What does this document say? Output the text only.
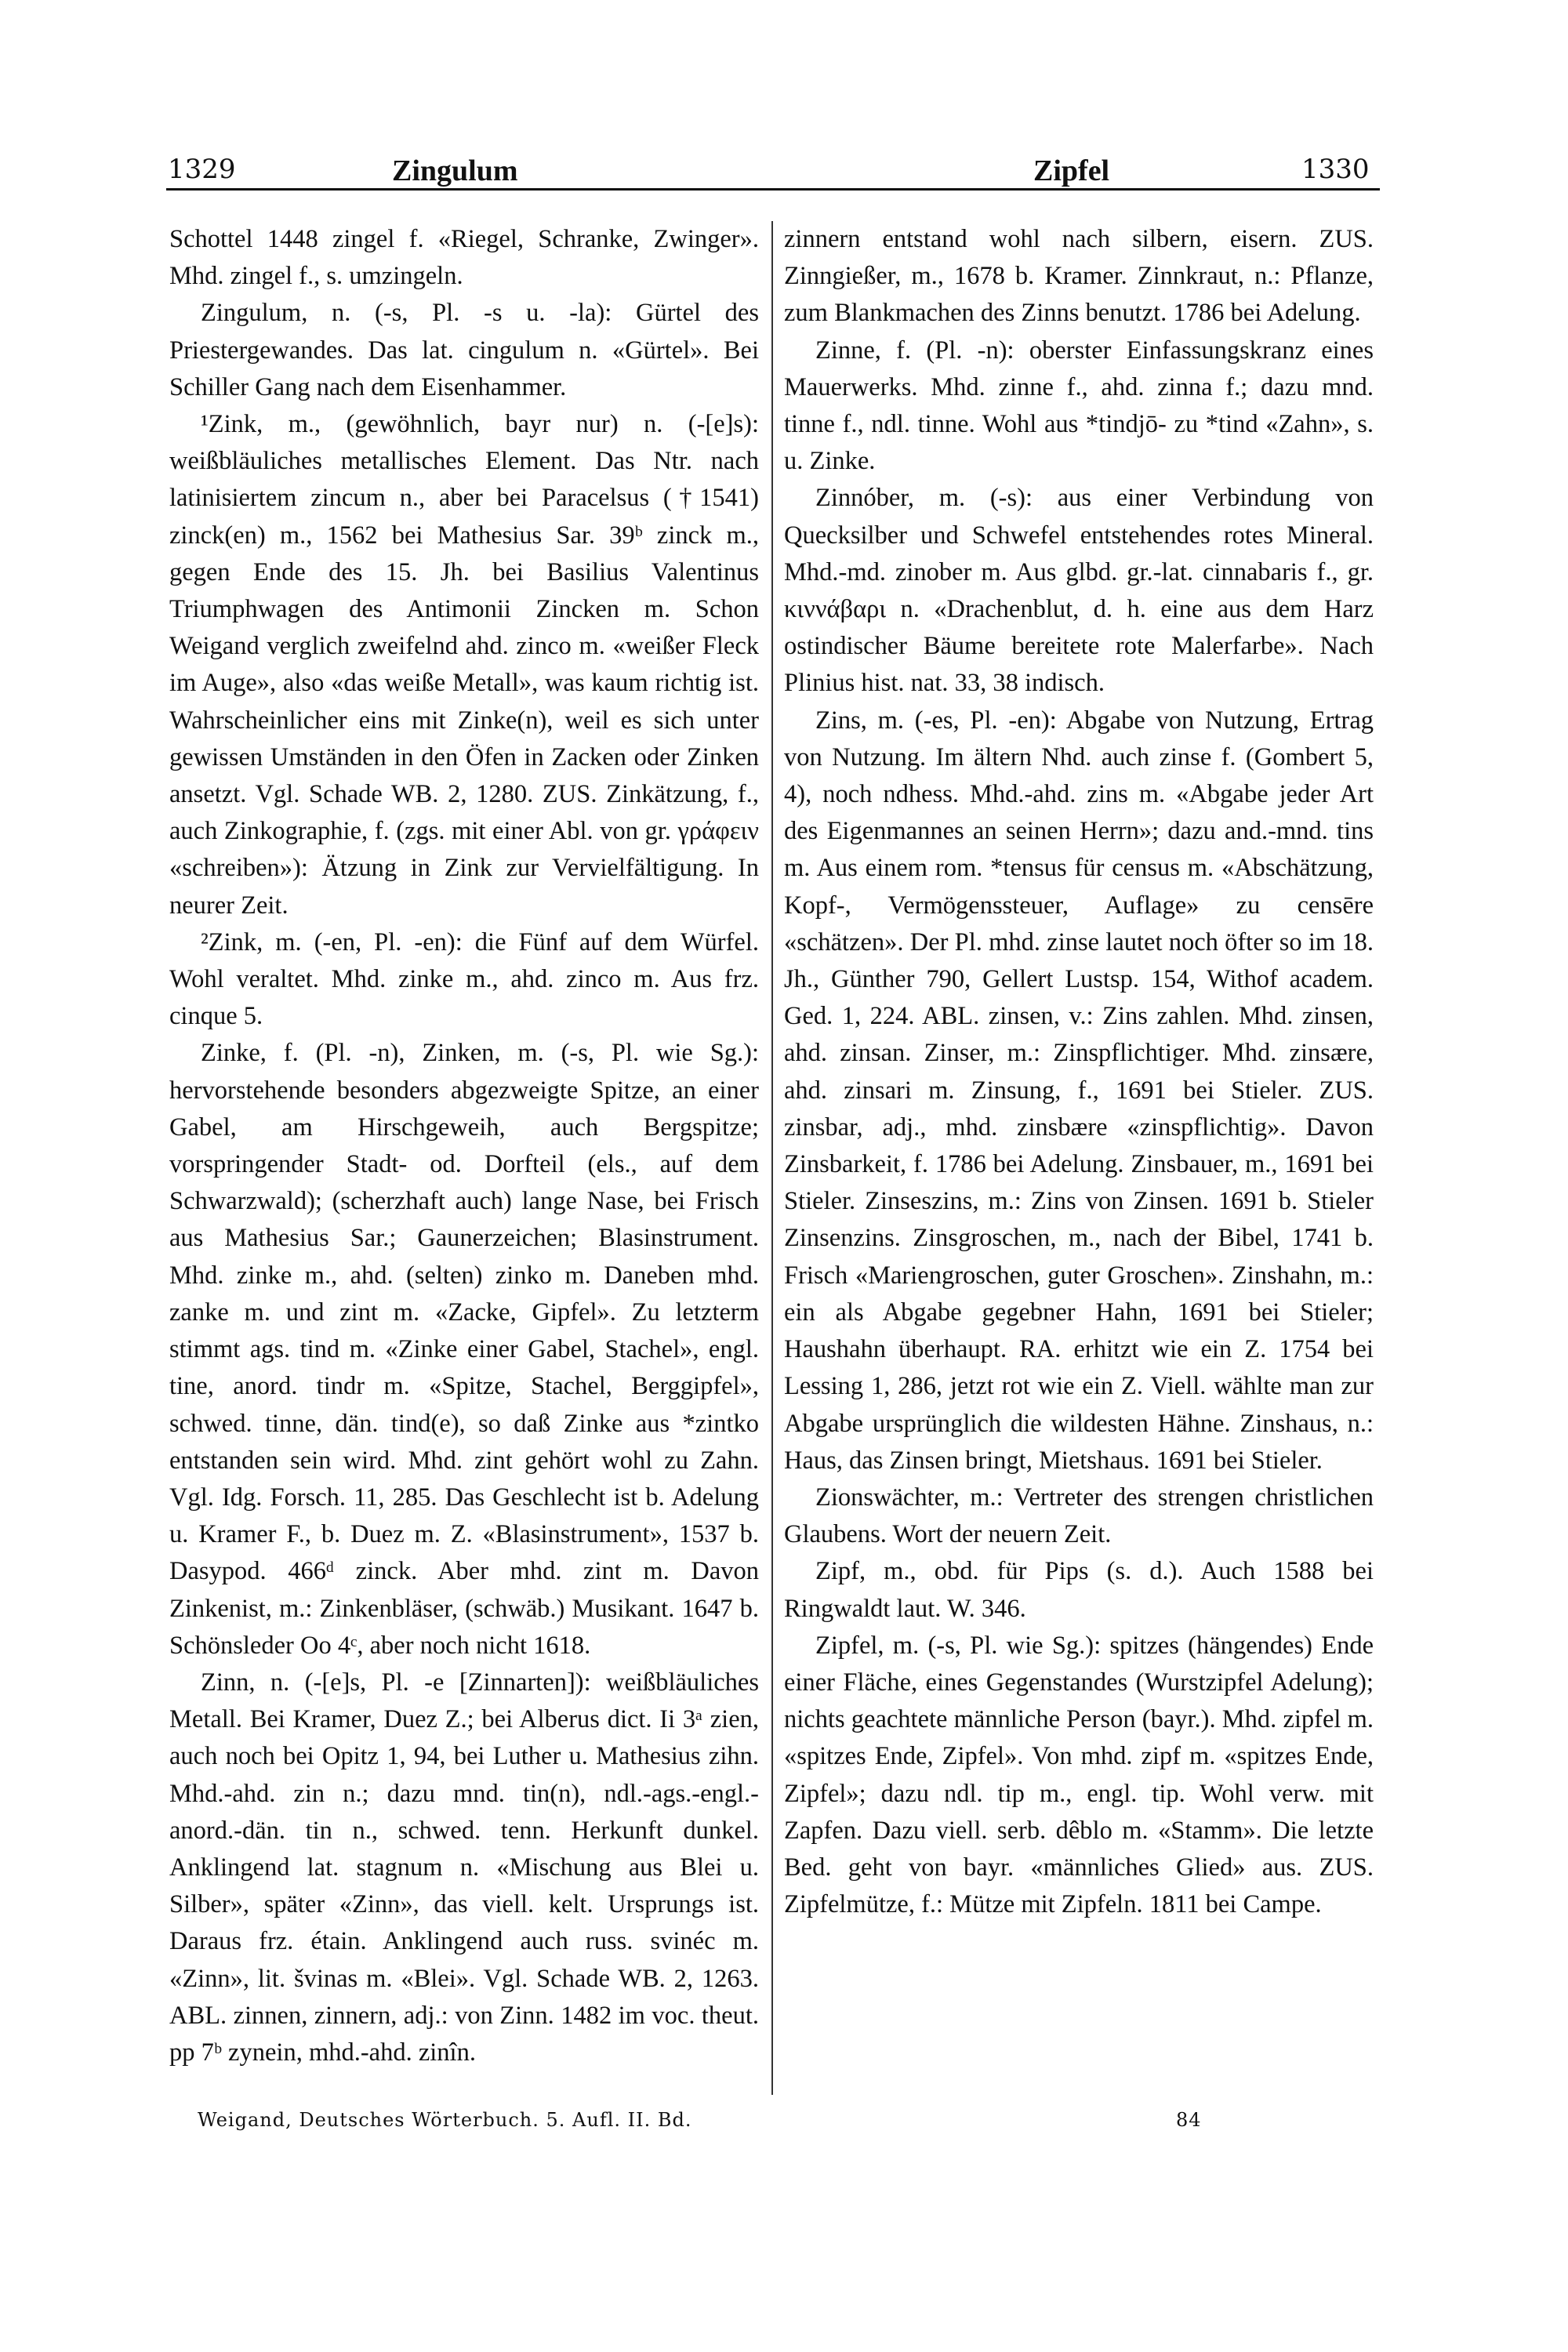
1329	Zingulum	Zipfel	1330

Schottel 1448 zingel f. «Riegel, Schranke, Zwinger». Mhd. zingel f., s. umzingeln.

Zingulum, n. (-s, Pl. -s u. -la): Gürtel des Priestergewandes. Das lat. cingulum n. «Gürtel». Bei Schiller Gang nach dem Eisenhammer.

¹Zink, m., (gewöhnlich, bayr nur) n. (-[e]s): weißbläuliches metallisches Element. Das Ntr. nach latinisiertem zincum n., aber bei Paracelsus (†1541) zinck(en) m., 1562 bei Mathesius Sar. 39ᵇ zinck m., gegen Ende des 15. Jh. bei Basilius Valentinus Triumphwagen des Antimonii Zincken m. Schon Weigand verglich zweifelnd ahd. zinco m. «weißer Fleck im Auge», also «das weiße Metall», was kaum richtig ist. Wahrscheinlicher eins mit Zinke(n), weil es sich unter gewissen Umständen in den Öfen in Zacken oder Zinken ansetzt. Vgl. Schade WB. 2, 1280. ZUS. Zinkätzung, f., auch Zinkographie, f. (zgs. mit einer Abl. von gr. γράφειν «schreiben»): Ätzung in Zink zur Vervielfältigung. In neurer Zeit.

²Zink, m. (-en, Pl. -en): die Fünf auf dem Würfel. Wohl veraltet. Mhd. zinke m., ahd. zinco m. Aus frz. cinque 5.

Zinke, f. (Pl. -n), Zinken, m. (-s, Pl. wie Sg.): hervorstehende besonders abgezweigte Spitze, an einer Gabel, am Hirschgeweih, auch Bergspitze; vorspringender Stadt- od. Dorfteil (els., auf dem Schwarzwald); (scherzhaft auch) lange Nase, bei Frisch aus Mathesius Sar.; Gaunerzeichen; Blasinstrument. Mhd. zinke m., ahd. (selten) zinko m. Daneben mhd. zanke m. und zint m. «Zacke, Gipfel». Zu letzterm stimmt ags. tind m. «Zinke einer Gabel, Stachel», engl. tine, anord. tindr m. «Spitze, Stachel, Berggipfel», schwed. tinne, dän. tind(e), so daß Zinke aus *zintko entstanden sein wird. Mhd. zint gehört wohl zu Zahn. Vgl. Idg. Forsch. 11, 285. Das Geschlecht ist b. Adelung u. Kramer F., b. Duez m. Z. «Blasinstrument», 1537 b. Dasypod. 466ᵈ zinck. Aber mhd. zint m. Davon Zinkenist, m.: Zinkenbläser, (schwäb.) Musikant. 1647 b. Schönsleder Oo 4ᶜ, aber noch nicht 1618.

Zinn, n. (-[e]s, Pl. -e [Zinnarten]): weißbläuliches Metall. Bei Kramer, Duez Z.; bei Alberus dict. Ii 3ᵃ zien, auch noch bei Opitz 1, 94, bei Luther u. Mathesius zihn. Mhd.-ahd. zin n.; dazu mnd. tin(n), ndl.-ags.-engl.-anord.-dän. tin n., schwed. tenn. Herkunft dunkel. Anklingend lat. stagnum n. «Mischung aus Blei u. Silber», später «Zinn», das viell. kelt. Ursprungs ist. Daraus frz. étain. Anklingend auch russ. svinéc m. «Zinn», lit. švinas m. «Blei». Vgl. Schade WB. 2, 1263. ABL. zinnen, zinnern, adj.: von Zinn. 1482 im voc. theut. pp 7ᵇ zynein, mhd.-ahd. zinîn.

zinnern entstand wohl nach silbern, eisern. ZUS. Zinngießer, m., 1678 b. Kramer. Zinnkraut, n.: Pflanze, zum Blankmachen des Zinns benutzt. 1786 bei Adelung.

Zinne, f. (Pl. -n): oberster Einfassungskranz eines Mauerwerks. Mhd. zinne f., ahd. zinna f.; dazu mnd. tinne f., ndl. tinne. Wohl aus *tindjō- zu *tind «Zahn», s. u. Zinke.

Zinnóber, m. (-s): aus einer Verbindung von Quecksilber und Schwefel entstehendes rotes Mineral. Mhd.-md. zinober m. Aus glbd. gr.-lat. cinnabaris f., gr. κιννάβαρι n. «Drachenblut, d. h. eine aus dem Harz ostindischer Bäume bereitete rote Malerfarbe». Nach Plinius hist. nat. 33, 38 indisch.

Zins, m. (-es, Pl. -en): Abgabe von Nutzung, Ertrag von Nutzung. Im ältern Nhd. auch zinse f. (Gombert 5, 4), noch ndhess. Mhd.-ahd. zins m. «Abgabe jeder Art des Eigenmannes an seinen Herrn»; dazu and.-mnd. tins m. Aus einem rom. *tensus für census m. «Abschätzung, Kopf-, Vermögenssteuer, Auflage» zu censēre «schätzen». Der Pl. mhd. zinse lautet noch öfter so im 18. Jh., Günther 790, Gellert Lustsp. 154, Withof academ. Ged. 1, 224. ABL. zinsen, v.: Zins zahlen. Mhd. zinsen, ahd. zinsan. Zinser, m.: Zinspflichtiger. Mhd. zinsære, ahd. zinsari m. Zinsung, f., 1691 bei Stieler. ZUS. zinsbar, adj., mhd. zinsbære «zinspflichtig». Davon Zinsbarkeit, f. 1786 bei Adelung. Zinsbauer, m., 1691 bei Stieler. Zinseszins, m.: Zins von Zinsen. 1691 b. Stieler Zinsenzins. Zinsgroschen, m., nach der Bibel, 1741 b. Frisch «Mariengroschen, guter Groschen». Zinshahn, m.: ein als Abgabe gegebner Hahn, 1691 bei Stieler; Haushahn überhaupt. RA. erhitzt wie ein Z. 1754 bei Lessing 1, 286, jetzt rot wie ein Z. Viell. wählte man zur Abgabe ursprünglich die wildesten Hähne. Zinshaus, n.: Haus, das Zinsen bringt, Mietshaus. 1691 bei Stieler.

Zionswächter, m.: Vertreter des strengen christlichen Glaubens. Wort der neuern Zeit.

Zipf, m., obd. für Pips (s. d.). Auch 1588 bei Ringwaldt laut. W. 346.

Zipfel, m. (-s, Pl. wie Sg.): spitzes (hängendes) Ende einer Fläche, eines Gegenstandes (Wurstzipfel Adelung); nichts geachtete männliche Person (bayr.). Mhd. zipfel m. «spitzes Ende, Zipfel». Von mhd. zipf m. «spitzes Ende, Zipfel»; dazu ndl. tip m., engl. tip. Wohl verw. mit Zapfen. Dazu viell. serb. dêblo m. «Stamm». Die letzte Bed. geht von bayr. «männliches Glied» aus. ZUS. Zipfelmütze, f.: Mütze mit Zipfeln. 1811 bei Campe.

Weigand, Deutsches Wörterbuch. 5. Aufl. II. Bd.	84
